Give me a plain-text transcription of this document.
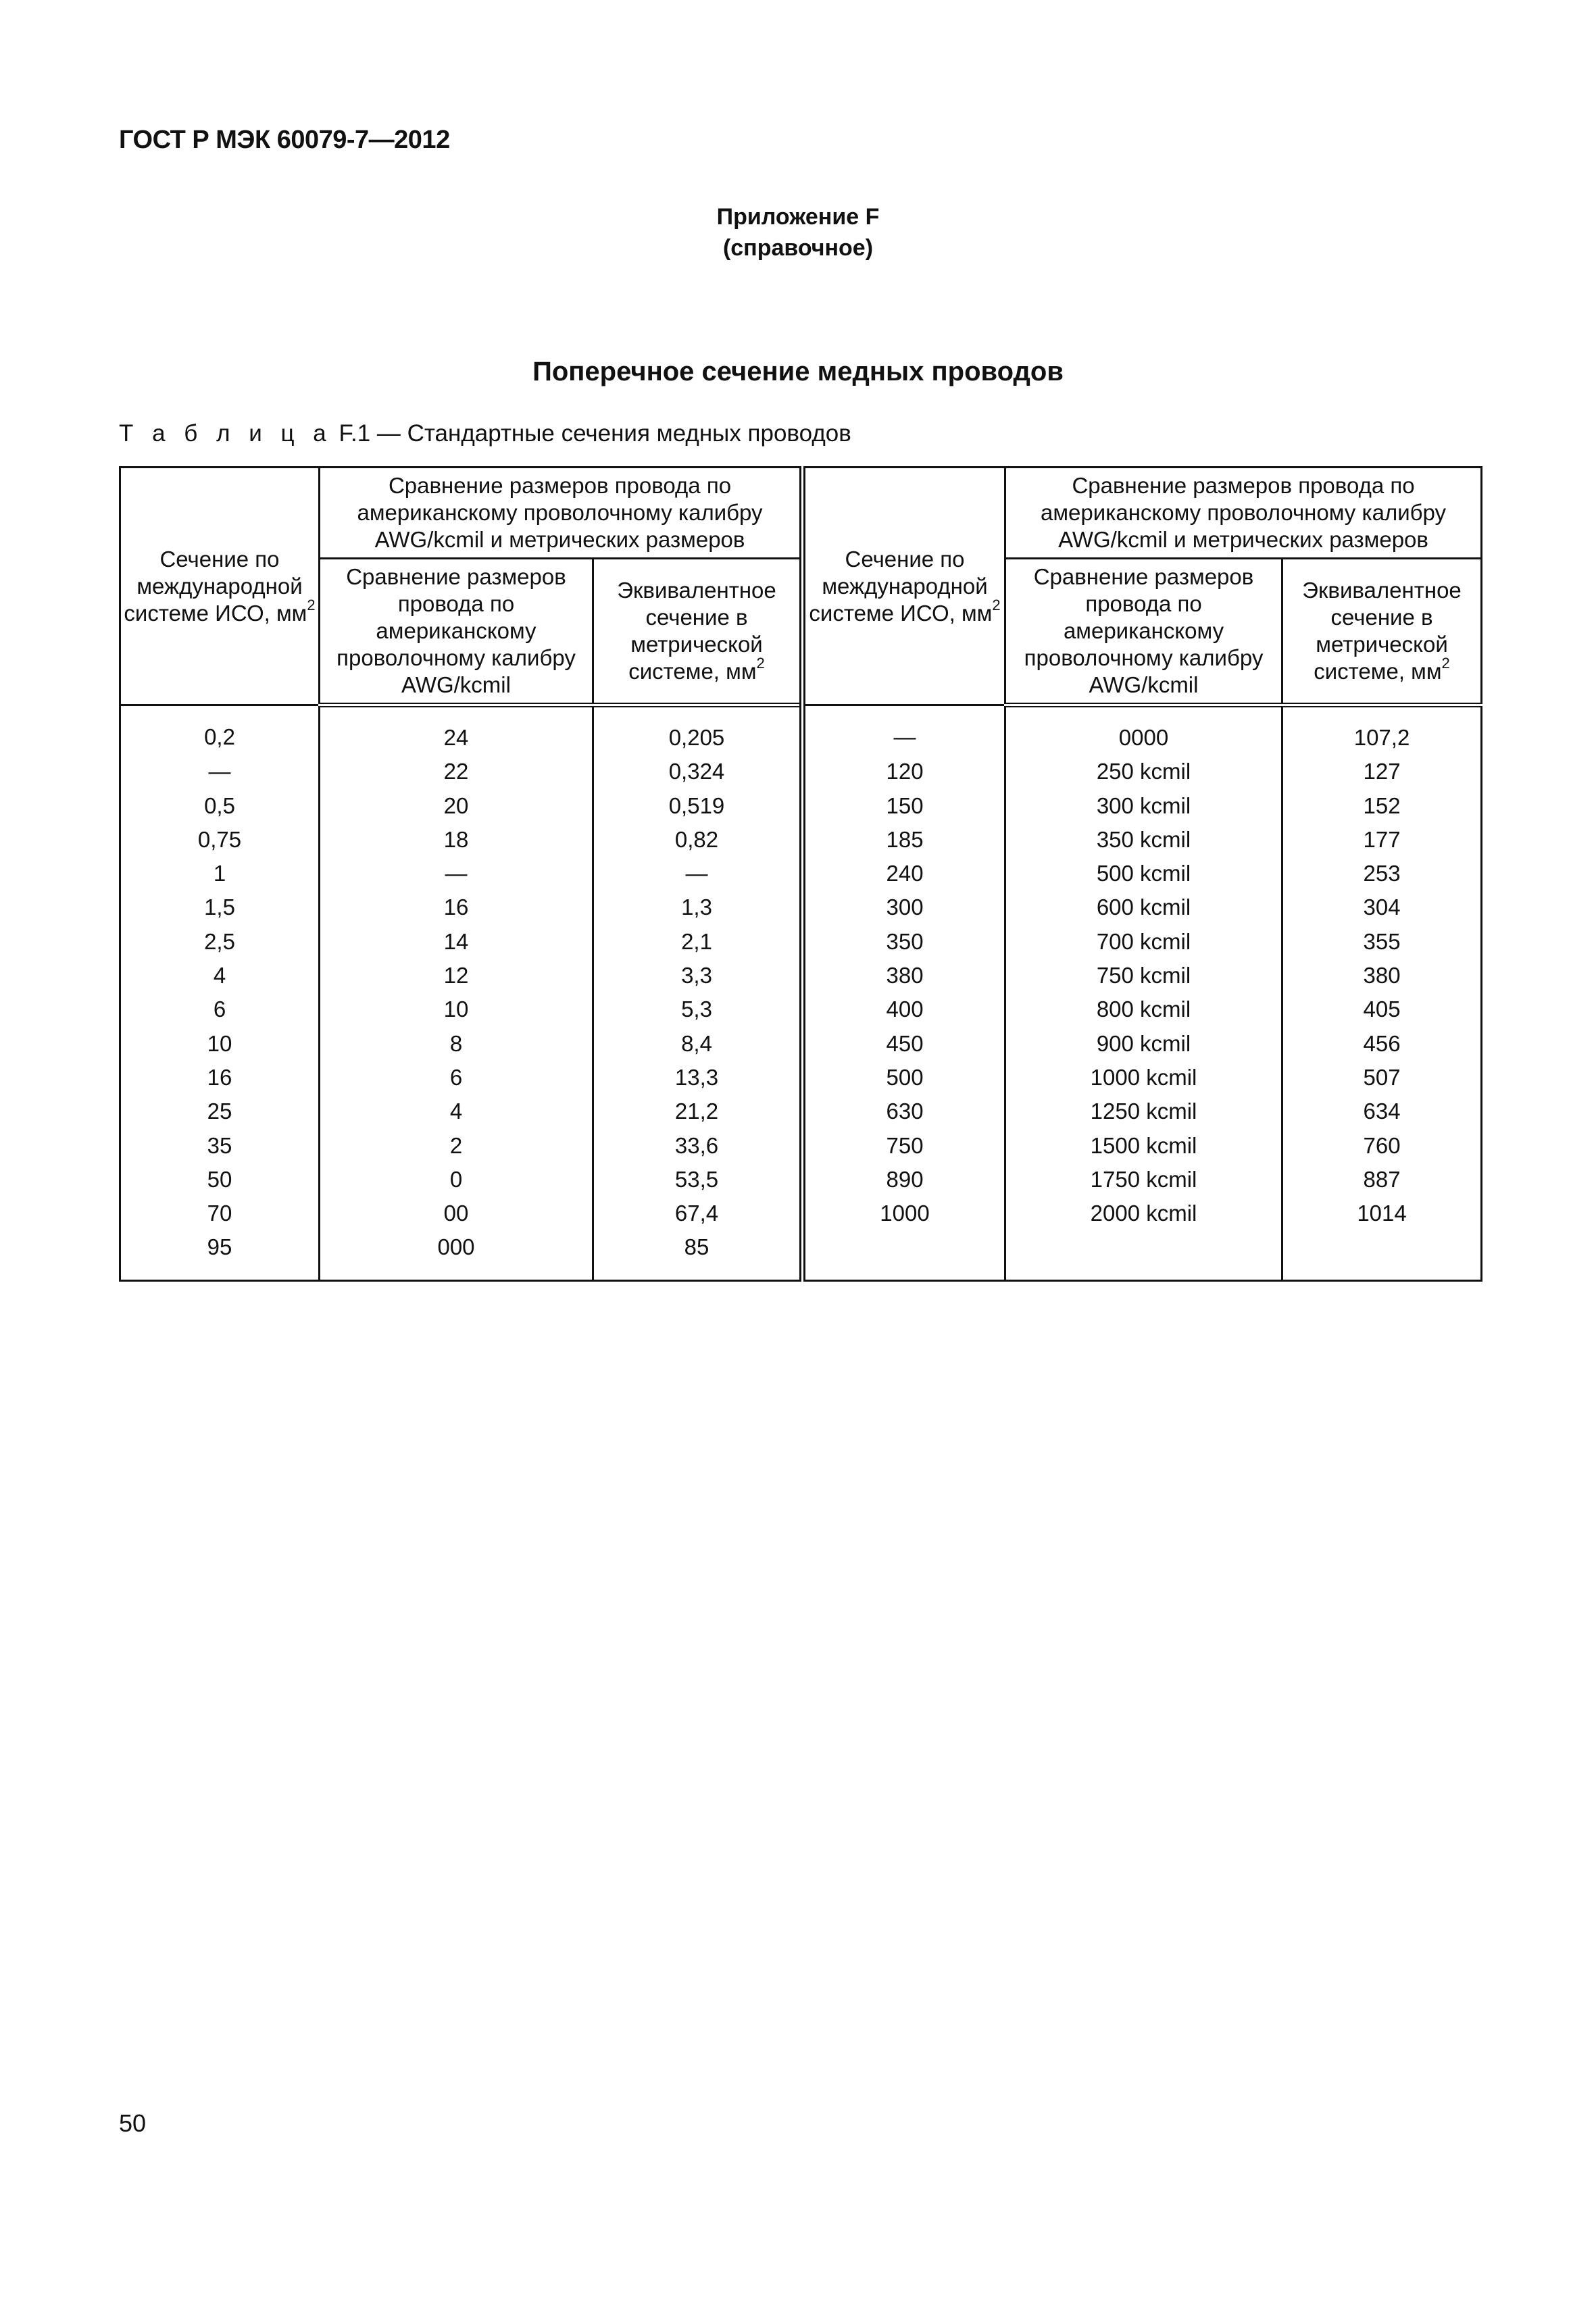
ГОСТ Р МЭК 60079-7—2012
Приложение F
(справочное)
Поперечное сечение медных проводов
Т а б л и ц а F.1 — Стандартные сечения медных проводов
Сечение по международной системе ИСО, $мм^2$	Сравнение размеров провода по американскому проволочному калибру AWG/kcmil и метрических размеров		Сечение по международной системе ИСО, $мм^2$	Сравнение размеров провода по американскому проволочному калибру AWG/kcmil и метрических размеров	
	Сравнение размеров провода по американскому проволочному калибру AWG/kcmil	Эквивалентное сечение в метрической системе, $мм^2$		Сравнение размеров провода по американскому проволочному калибру AWG/kcmil	Эквивалентное сечение в метрической системе, $мм^2$
0,2	24	0,205	—	0000	107,2
—	22	0,324	120	250 kcmil	127
0,5	20	0,519	150	300 kcmil	152
0,75	18	0,82	185	350 kcmil	177
1	—	—	240	500 kcmil	253
1,5	16	1,3	300	600 kcmil	304
2,5	14	2,1	350	700 kcmil	355
4	12	3,3	380	750 kcmil	380
6	10	5,3	400	800 kcmil	405
10	8	8,4	450	900 kcmil	456
16	6	13,3	500	1000 kcmil	507
25	4	21,2	630	1250 kcmil	634
35	2	33,6	750	1500 kcmil	760
50	0	53,5	890	1750 kcmil	887
70	00	67,4	1000	2000 kcmil	1014
95	000	85			
50
